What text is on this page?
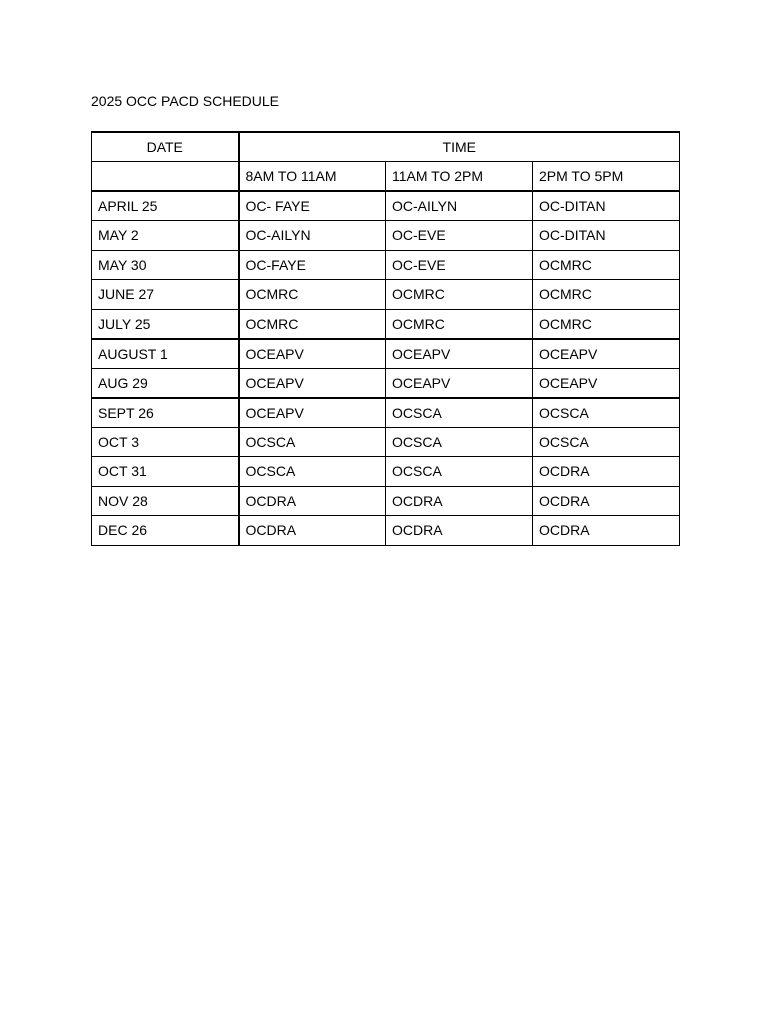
2025 OCC PACD SCHEDULE
DATE	TIME		
	8AM TO 11AM	11AM TO 2PM	2PM TO 5PM
APRIL 25	OC- FAYE	OC-AILYN	OC-DITAN
MAY 2	OC-AILYN	OC-EVE	OC-DITAN
MAY 30	OC-FAYE	OC-EVE	OCMRC
JUNE 27	OCMRC	OCMRC	OCMRC
JULY 25	OCMRC	OCMRC	OCMRC
AUGUST 1	OCEAPV	OCEAPV	OCEAPV
AUG 29	OCEAPV	OCEAPV	OCEAPV
SEPT 26	OCEAPV	OCSCA	OCSCA
OCT 3	OCSCA	OCSCA	OCSCA
OCT 31	OCSCA	OCSCA	OCDRA
NOV 28	OCDRA	OCDRA	OCDRA
DEC 26	OCDRA	OCDRA	OCDRA
